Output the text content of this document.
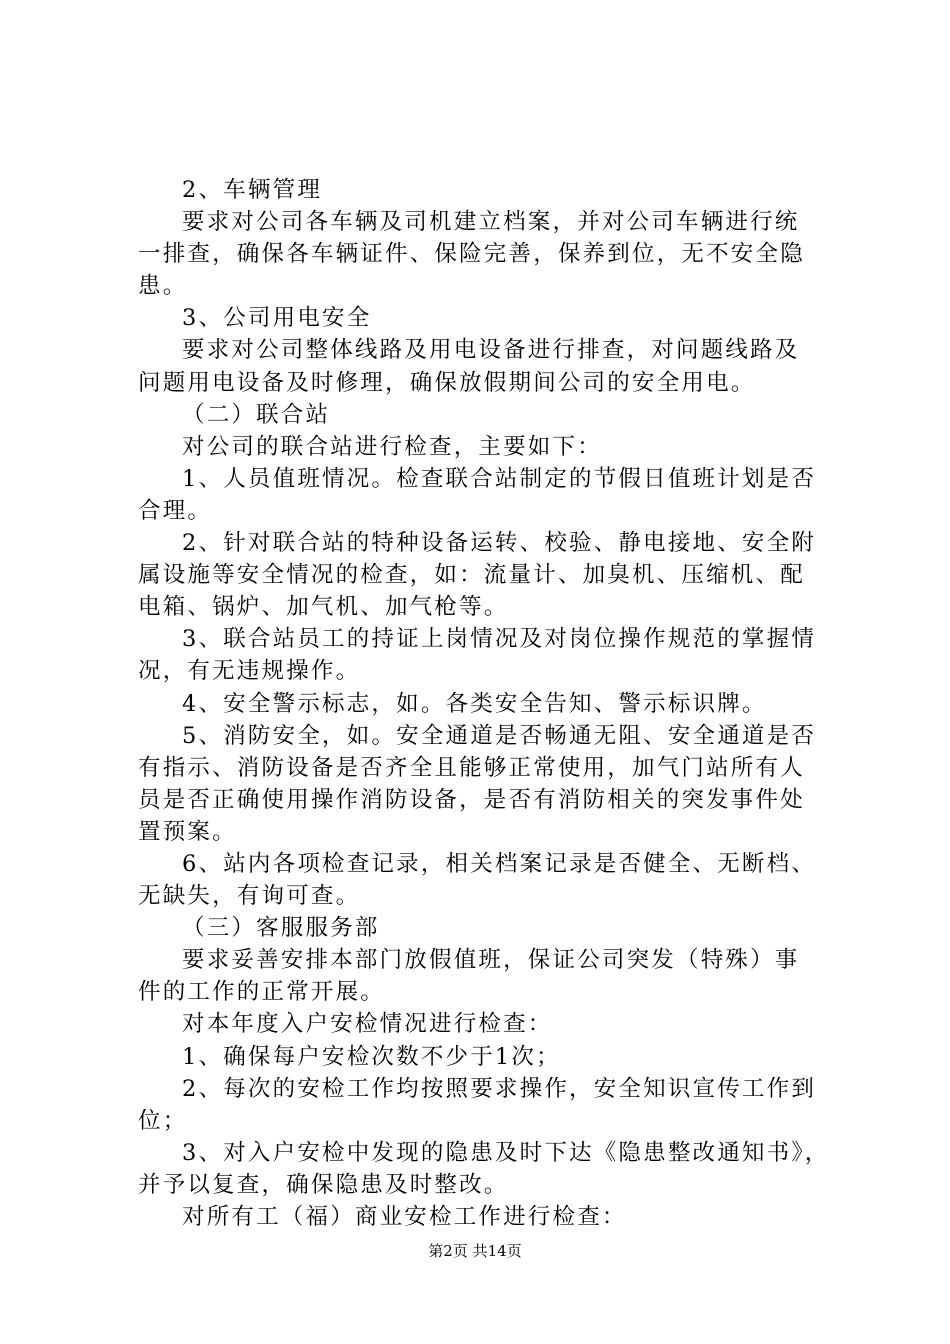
2、车辆管理
要求对公司各车辆及司机建立档案，并对公司车辆进行统
一排查，确保各车辆证件、保险完善，保养到位，无不安全隐
患。
3、公司用电安全
要求对公司整体线路及用电设备进行排查，对问题线路及
问题用电设备及时修理，确保放假期间公司的安全用电。
（二）联合站
对公司的联合站进行检查，主要如下：
1、人员值班情况。检查联合站制定的节假日值班计划是否
合理。
2、针对联合站的特种设备运转、校验、静电接地、安全附
属设施等安全情况的检查，如：流量计、加臭机、压缩机、配
电箱、锅炉、加气机、加气枪等。
3、联合站员工的持证上岗情况及对岗位操作规范的掌握情
况，有无违规操作。
4、安全警示标志，如。各类安全告知、警示标识牌。
5、消防安全，如。安全通道是否畅通无阻、安全通道是否
有指示、消防设备是否齐全且能够正常使用，加气门站所有人
员是否正确使用操作消防设备，是否有消防相关的突发事件处
置预案。
6、站内各项检查记录，相关档案记录是否健全、无断档、
无缺失，有询可查。
（三）客服服务部
要求妥善安排本部门放假值班，保证公司突发（特殊）事
件的工作的正常开展。
对本年度入户安检情况进行检查：
1、确保每户安检次数不少于1次；
2、每次的安检工作均按照要求操作，安全知识宣传工作到
位；
3、对入户安检中发现的隐患及时下达《隐患整改通知书》，
并予以复查，确保隐患及时整改。
对所有工（福）商业安检工作进行检查：
第2页 共14页
